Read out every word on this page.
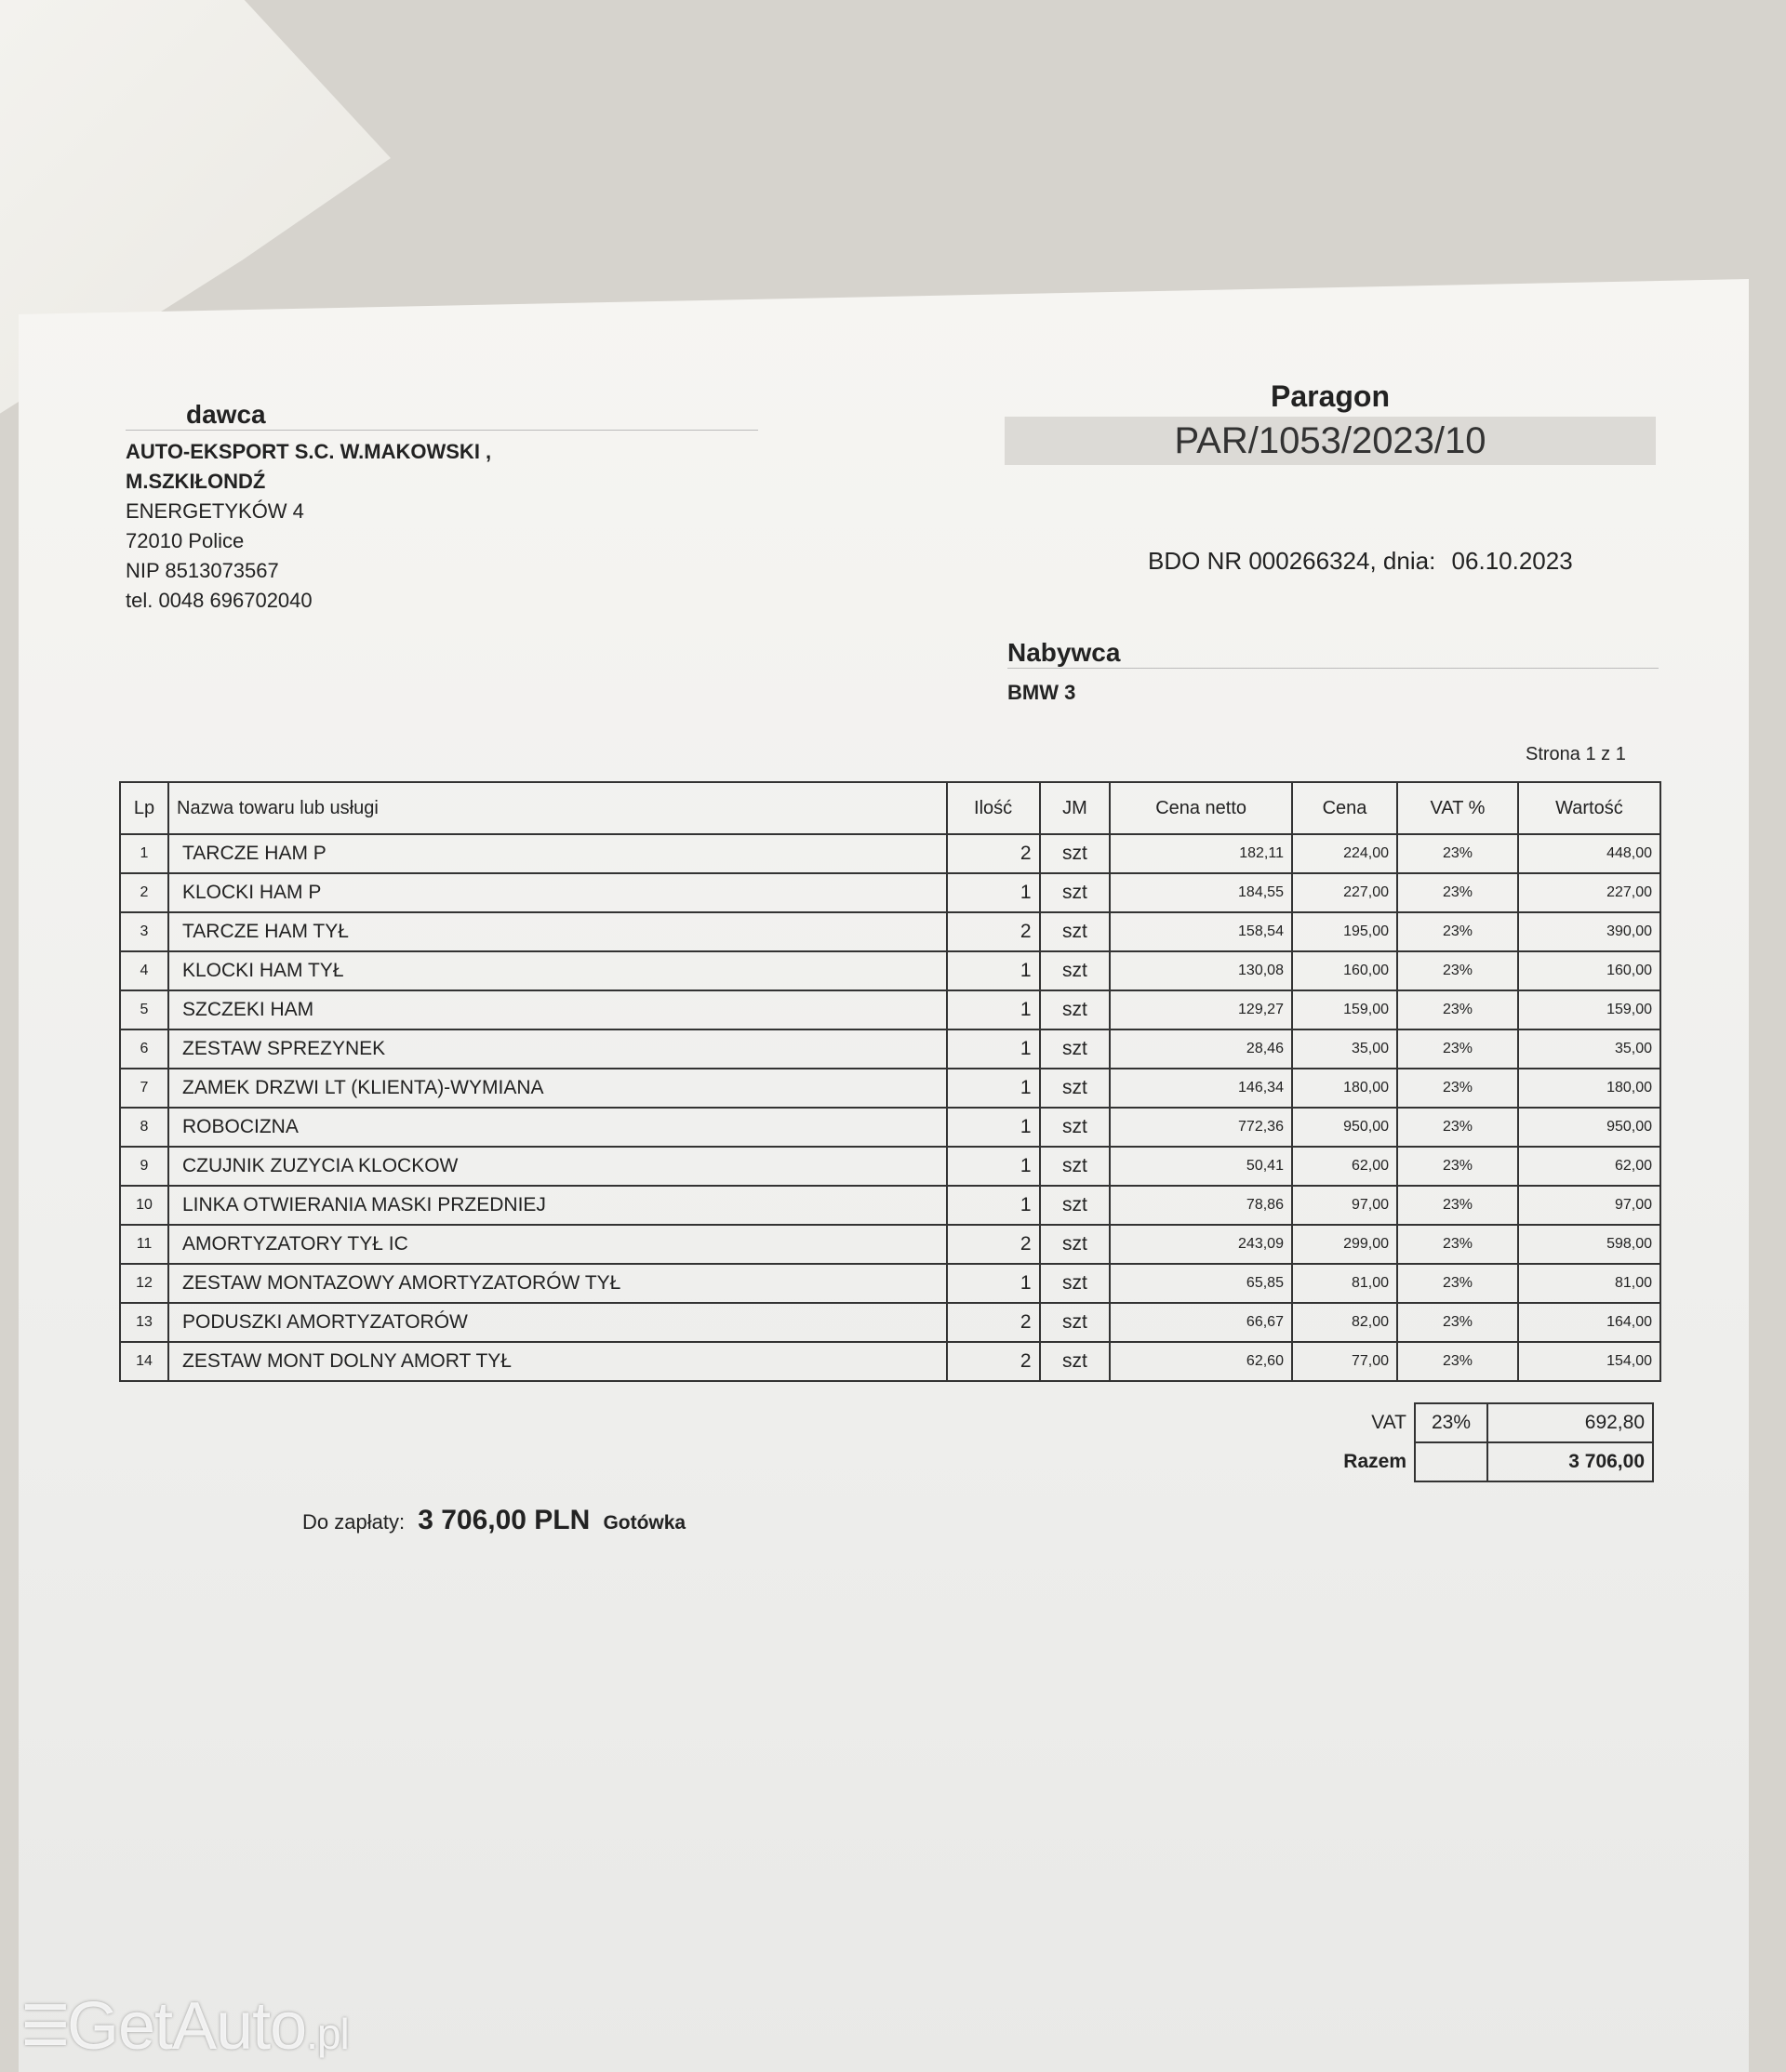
dawca
AUTO-EKSPORT S.C. W.MAKOWSKI ,
M.SZKIŁONDŹ
ENERGETYKÓW 4
72010 Police
NIP 8513073567
tel. 0048 696702040
Paragon
PAR/1053/2023/10
BDO NR 000266324, dnia: 06.10.2023
Nabywca
BMW 3
Strona 1 z 1
Lp	Nazwa towaru lub usługi	Ilość	JM	Cena netto	Cena	VAT %	Wartość
1	TARCZE HAM P	2	szt	182,11	224,00	23%	448,00
2	KLOCKI HAM P	1	szt	184,55	227,00	23%	227,00
3	TARCZE HAM TYŁ	2	szt	158,54	195,00	23%	390,00
4	KLOCKI HAM TYŁ	1	szt	130,08	160,00	23%	160,00
5	SZCZEKI HAM	1	szt	129,27	159,00	23%	159,00
6	ZESTAW SPREZYNEK	1	szt	28,46	35,00	23%	35,00
7	ZAMEK DRZWI LT (KLIENTA)-WYMIANA	1	szt	146,34	180,00	23%	180,00
8	ROBOCIZNA	1	szt	772,36	950,00	23%	950,00
9	CZUJNIK ZUZYCIA KLOCKOW	1	szt	50,41	62,00	23%	62,00
10	LINKA OTWIERANIA MASKI PRZEDNIEJ	1	szt	78,86	97,00	23%	97,00
11	AMORTYZATORY TYŁ IC	2	szt	243,09	299,00	23%	598,00
12	ZESTAW MONTAZOWY AMORTYZATORÓW TYŁ	1	szt	65,85	81,00	23%	81,00
13	PODUSZKI AMORTYZATORÓW	2	szt	66,67	82,00	23%	164,00
14	ZESTAW MONT DOLNY AMORT TYŁ	2	szt	62,60	77,00	23%	154,00
VAT	23%	692,80
Razem		3 706,00
Do zapłaty: 3 706,00 PLN Gotówka
☰GetAuto.pl
